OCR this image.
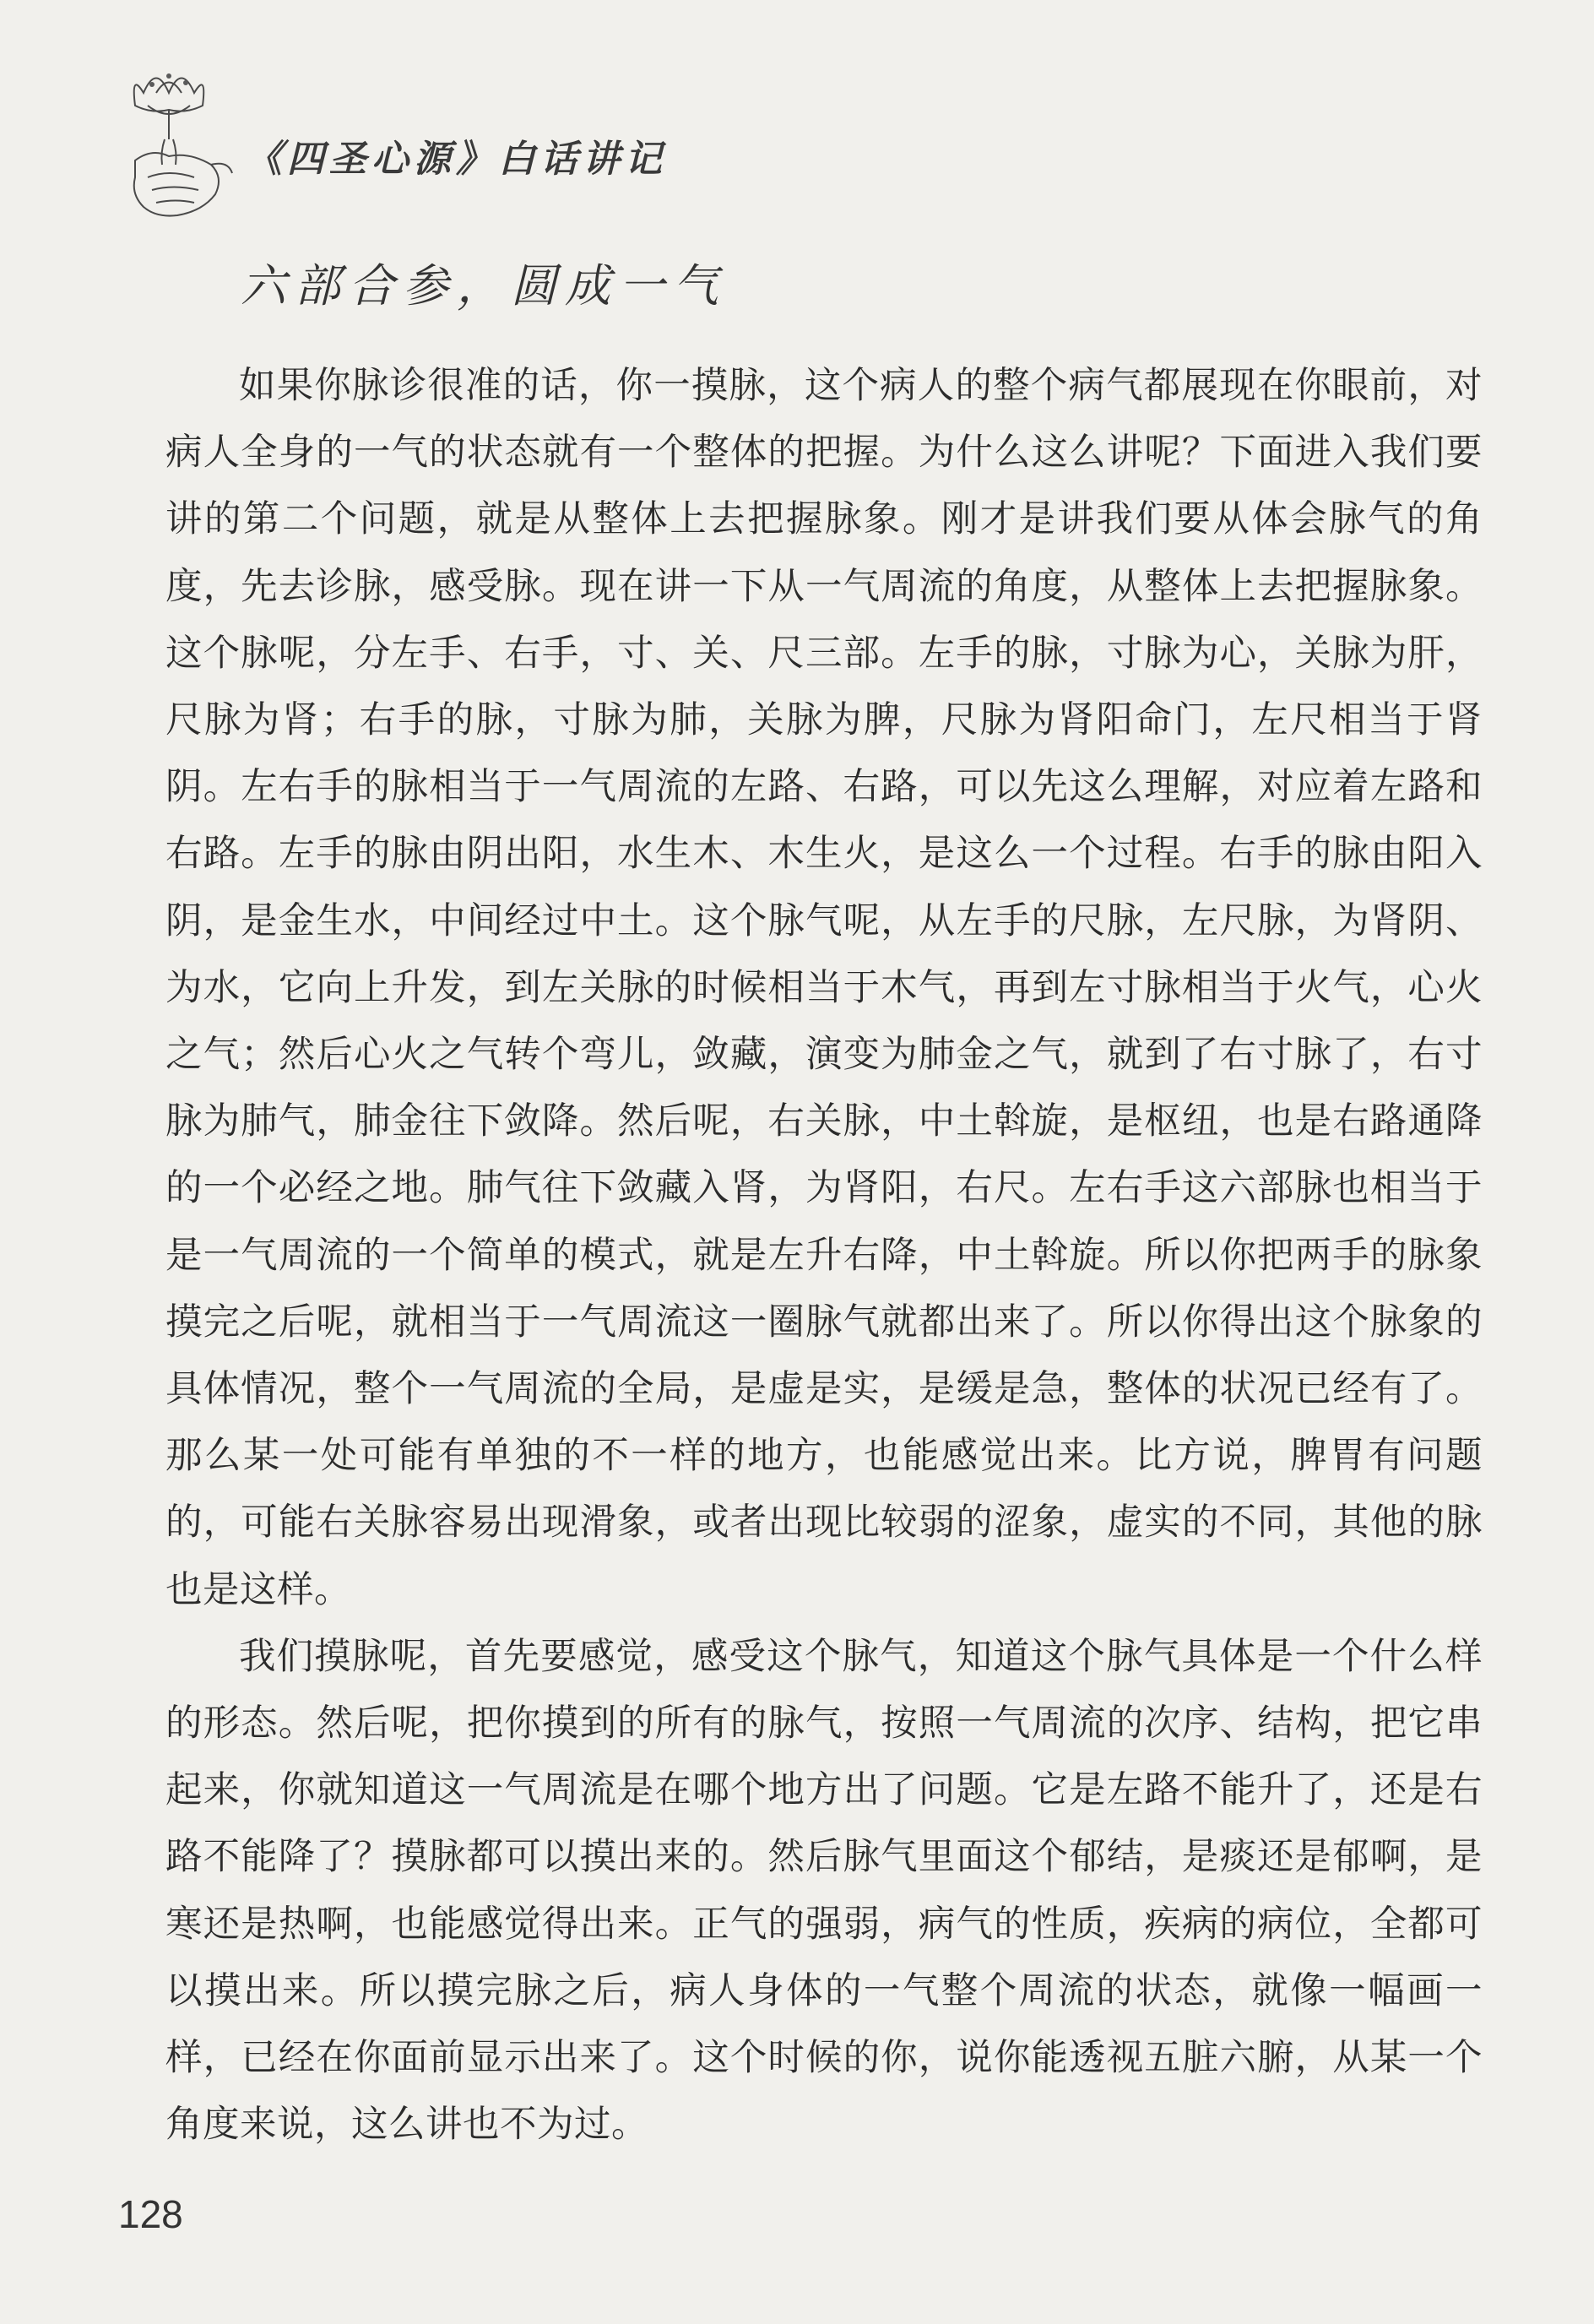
《四圣心源》白话讲记
六部合参，圆成一气

如果你脉诊很准的话，你一摸脉，这个病人的整个病气都展现在你眼前，对病人全身的一气的状态就有一个整体的把握。为什么这么讲呢？下面进入我们要讲的第二个问题，就是从整体上去把握脉象。刚才是讲我们要从体会脉气的角度，先去诊脉，感受脉。现在讲一下从一气周流的角度，从整体上去把握脉象。这个脉呢，分左手、右手，寸、关、尺三部。左手的脉，寸脉为心，关脉为肝，尺脉为肾；右手的脉，寸脉为肺，关脉为脾，尺脉为肾阳命门，左尺相当于肾阴。左右手的脉相当于一气周流的左路、右路，可以先这么理解，对应着左路和右路。左手的脉由阴出阳，水生木、木生火，是这么一个过程。右手的脉由阳入阴，是金生水，中间经过中土。这个脉气呢，从左手的尺脉，左尺脉，为肾阴、为水，它向上升发，到左关脉的时候相当于木气，再到左寸脉相当于火气，心火之气；然后心火之气转个弯儿，敛藏，演变为肺金之气，就到了右寸脉了，右寸脉为肺气，肺金往下敛降。然后呢，右关脉，中土斡旋，是枢纽，也是右路通降的一个必经之地。肺气往下敛藏入肾，为肾阳，右尺。左右手这六部脉也相当于是一气周流的一个简单的模式，就是左升右降，中土斡旋。所以你把两手的脉象摸完之后呢，就相当于一气周流这一圈脉气就都出来了。所以你得出这个脉象的具体情况，整个一气周流的全局，是虚是实，是缓是急，整体的状况已经有了。那么某一处可能有单独的不一样的地方，也能感觉出来。比方说，脾胃有问题的，可能右关脉容易出现滑象，或者出现比较弱的涩象，虚实的不同，其他的脉也是这样。

我们摸脉呢，首先要感觉，感受这个脉气，知道这个脉气具体是一个什么样的形态。然后呢，把你摸到的所有的脉气，按照一气周流的次序、结构，把它串起来，你就知道这一气周流是在哪个地方出了问题。它是左路不能升了，还是右路不能降了？摸脉都可以摸出来的。然后脉气里面这个郁结，是痰还是郁啊，是寒还是热啊，也能感觉得出来。正气的强弱，病气的性质，疾病的病位，全都可以摸出来。所以摸完脉之后，病人身体的一气整个周流的状态，就像一幅画一样，已经在你面前显示出来了。这个时候的你，说你能透视五脏六腑，从某一个角度来说，这么讲也不为过。

128
